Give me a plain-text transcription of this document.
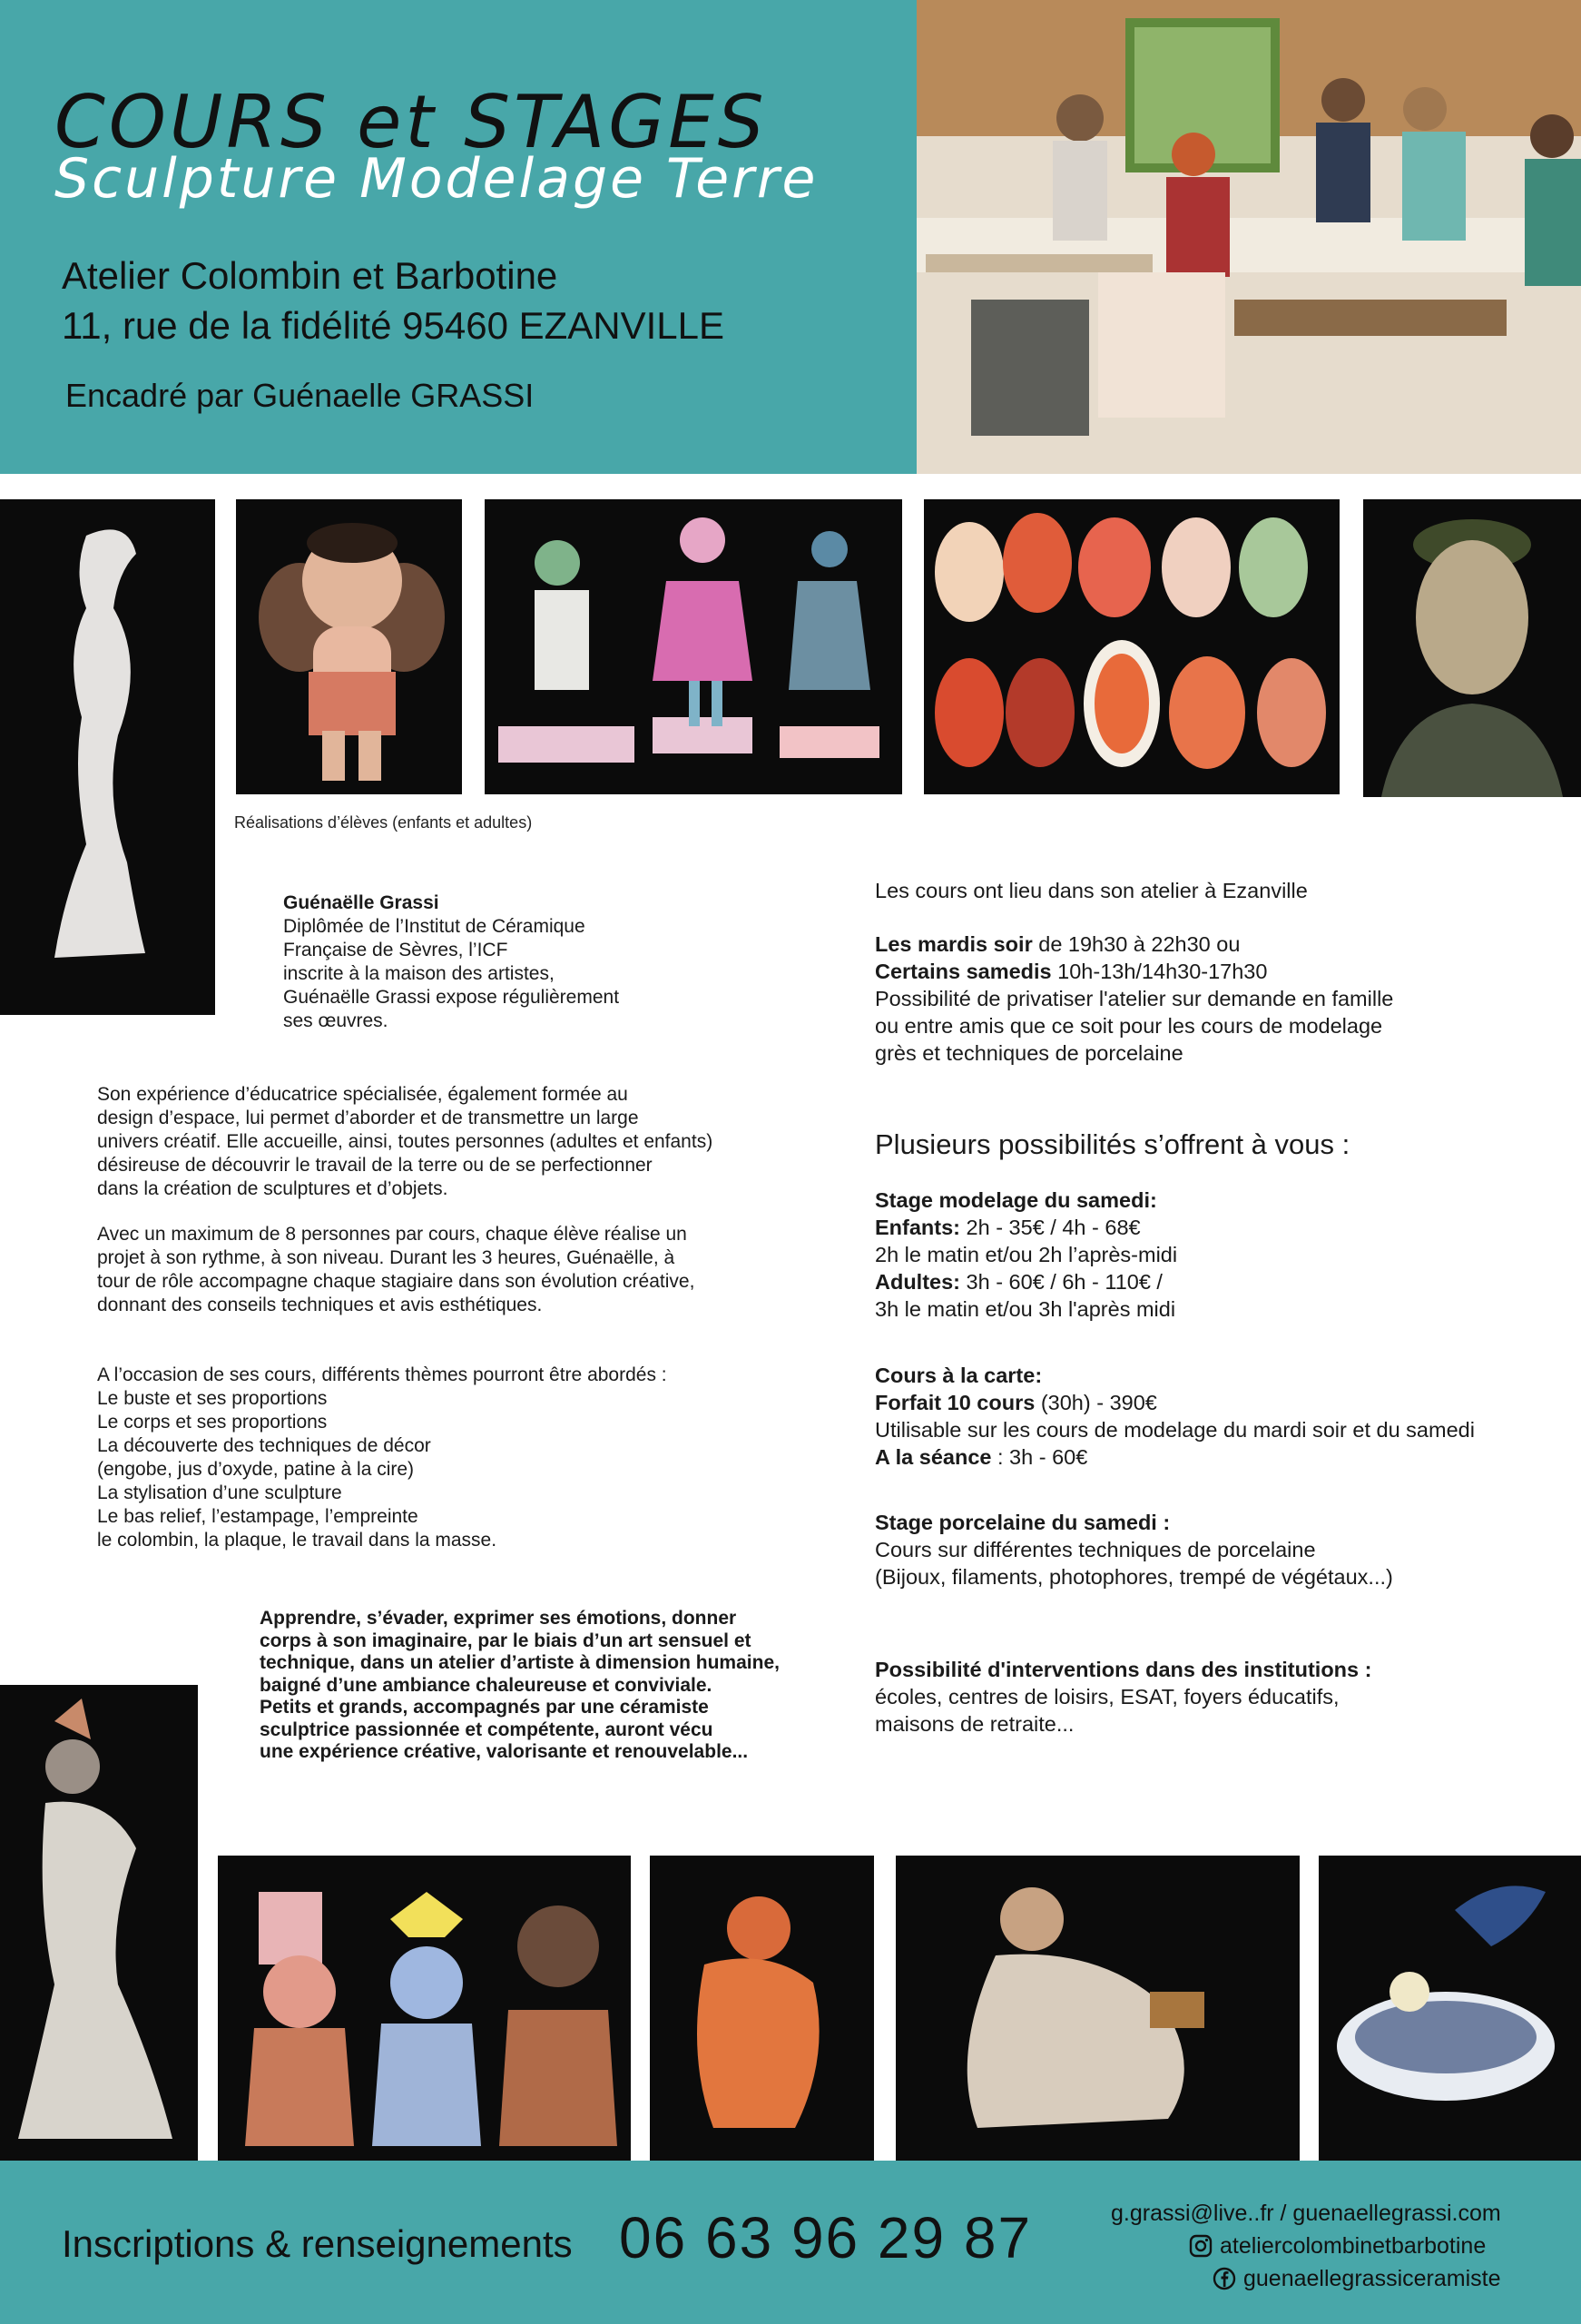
COURS et STAGES
Sculpture Modelage Terre
Atelier Colombin et Barbotine
11, rue de la fidélité 95460 EZANVILLE
Encadré par Guénaelle GRASSI
Réalisations d’élèves (enfants et adultes)
Guénaëlle Grassi
Diplômée de l’Institut de Céramique
Française de Sèvres, l’ICF
inscrite à la maison des artistes,
Guénaëlle Grassi expose régulièrement
ses œuvres.
Son expérience d’éducatrice spécialisée, également formée au
design d’espace, lui permet d’aborder et de transmettre un large
univers créatif. Elle accueille, ainsi, toutes personnes (adultes et enfants)
désireuse de découvrir le travail de la terre ou de se perfectionner
dans la création de sculptures et d’objets.
Avec un maximum de 8 personnes par cours, chaque élève réalise un
projet à son rythme, à son niveau. Durant les 3 heures, Guénaëlle, à
tour de rôle accompagne chaque stagiaire dans son évolution créative,
donnant des conseils techniques et avis esthétiques.
A l’occasion de ses cours, différents thèmes pourront être abordés :
Le buste et ses proportions
Le corps et ses proportions
La découverte des techniques de décor
(engobe, jus d’oxyde, patine à la cire)
La stylisation d’une sculpture
Le bas relief, l’estampage, l’empreinte
le colombin, la plaque, le travail dans la masse.
Apprendre, s’évader, exprimer ses émotions, donner
corps à son imaginaire, par le biais d’un art sensuel et
technique, dans un atelier d’artiste à dimension humaine,
baigné d’une ambiance chaleureuse et conviviale.
Petits et grands, accompagnés par une céramiste
sculptrice passionnée et compétente, auront vécu
une expérience créative, valorisante et renouvelable...
Les cours ont lieu dans son atelier à Ezanville
Les mardis soir de 19h30 à 22h30 ou
Certains samedis 10h-13h/14h30-17h30
Possibilité de privatiser l'atelier sur demande en famille
ou entre amis que ce soit pour les cours de modelage
grès et techniques de porcelaine
Plusieurs possibilités s’offrent à vous :
Stage modelage du samedi:
Enfants: 2h - 35€ / 4h - 68€
2h le matin et/ou 2h l’après-midi
Adultes: 3h - 60€ / 6h - 110€ /
3h le matin et/ou 3h l'après midi
Cours à la carte:
Forfait 10 cours (30h) - 390€
Utilisable sur les cours de modelage du mardi soir et du samedi
A la séance : 3h - 60€
Stage porcelaine du samedi :
Cours sur différentes techniques de porcelaine
(Bijoux, filaments, photophores, trempé de végétaux...)
Possibilité d'interventions dans des institutions :
écoles, centres de loisirs, ESAT, foyers éducatifs,
maisons de retraite...
Inscriptions & renseignements 06 63 96 29 87	g.grassi@live..fr / guenaellegrassi.com
ateliercolombinetbarbotine
guenaellegrassiceramiste
